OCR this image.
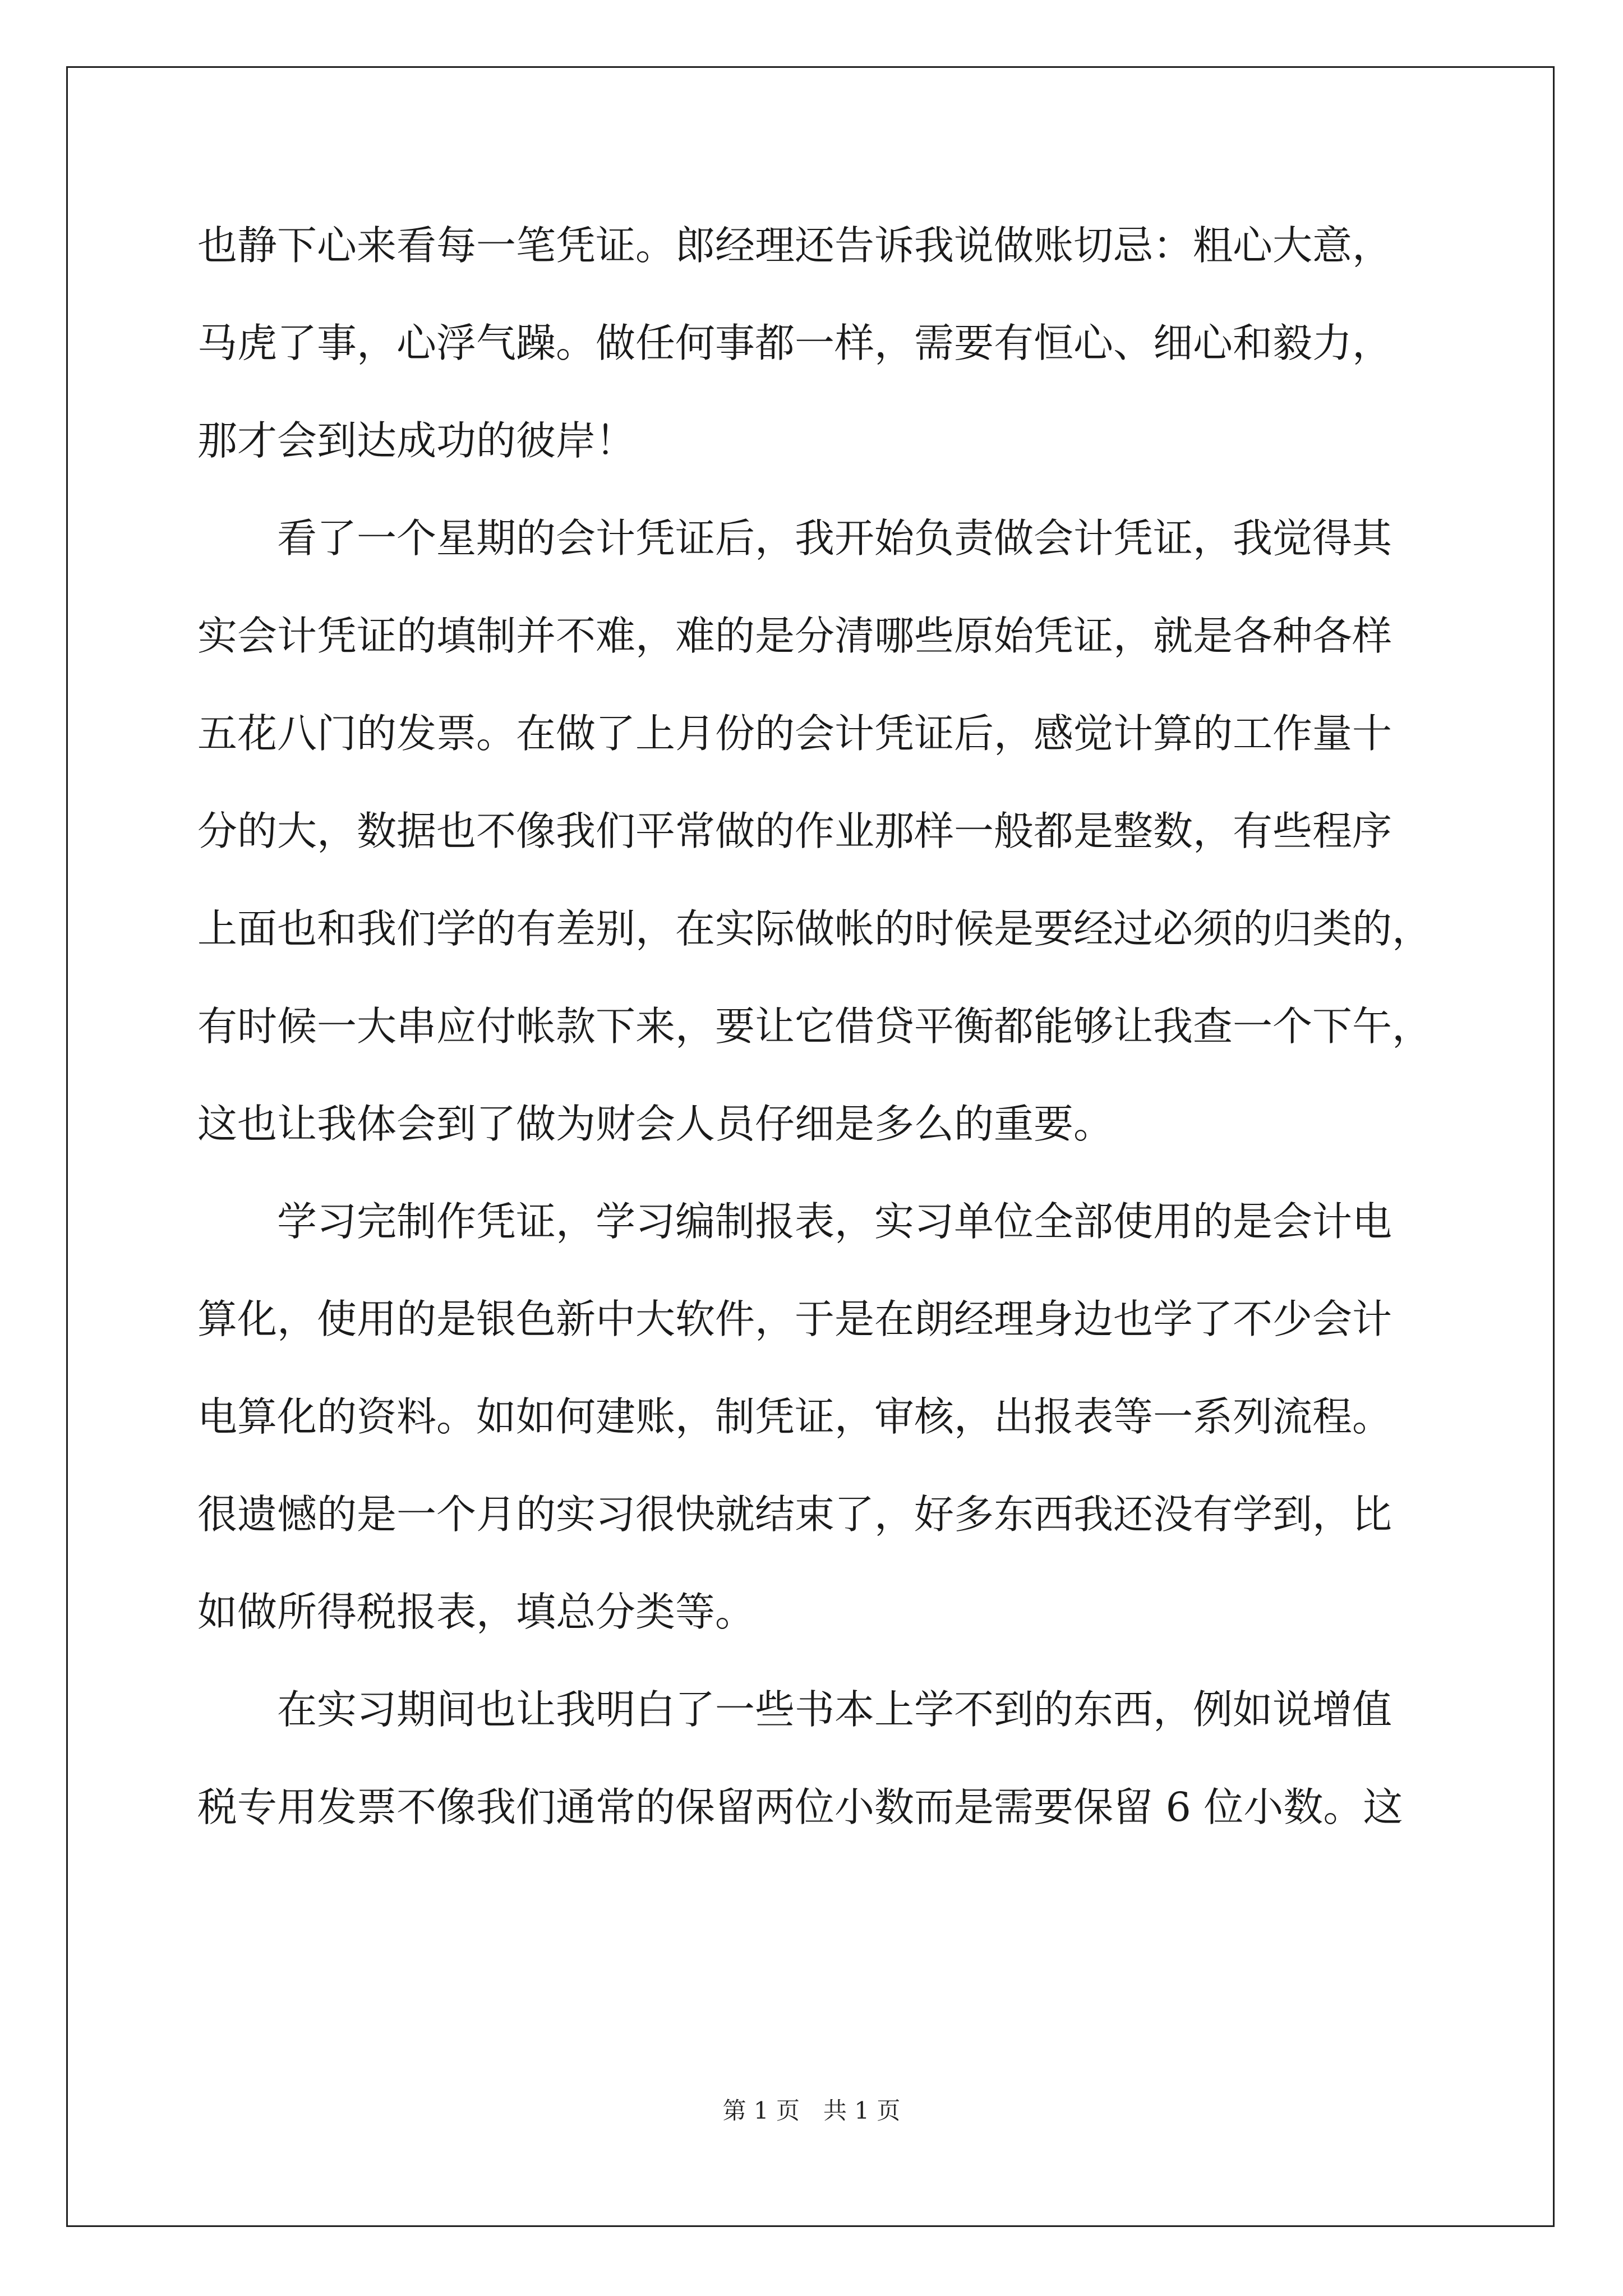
也静下心来看每一笔凭证。郎经理还告诉我说做账切忌：粗心大意，
马虎了事，心浮气躁。做任何事都一样，需要有恒心、细心和毅力，
那才会到达成功的彼岸！
　　看了一个星期的会计凭证后，我开始负责做会计凭证，我觉得其
实会计凭证的填制并不难，难的是分清哪些原始凭证，就是各种各样
五花八门的发票。在做了上月份的会计凭证后，感觉计算的工作量十
分的大，数据也不像我们平常做的作业那样一般都是整数，有些程序
上面也和我们学的有差别，在实际做帐的时候是要经过必须的归类的，
有时候一大串应付帐款下来，要让它借贷平衡都能够让我查一个下午，
这也让我体会到了做为财会人员仔细是多么的重要。
　　学习完制作凭证，学习编制报表，实习单位全部使用的是会计电
算化，使用的是银色新中大软件，于是在朗经理身边也学了不少会计
电算化的资料。如如何建账，制凭证，审核，出报表等一系列流程。
很遗憾的是一个月的实习很快就结束了，好多东西我还没有学到，比
如做所得税报表，填总分类等。
　　在实习期间也让我明白了一些书本上学不到的东西，例如说增值
税专用发票不像我们通常的保留两位小数而是需要保留 6 位小数。这
第 1 页　共 1 页
